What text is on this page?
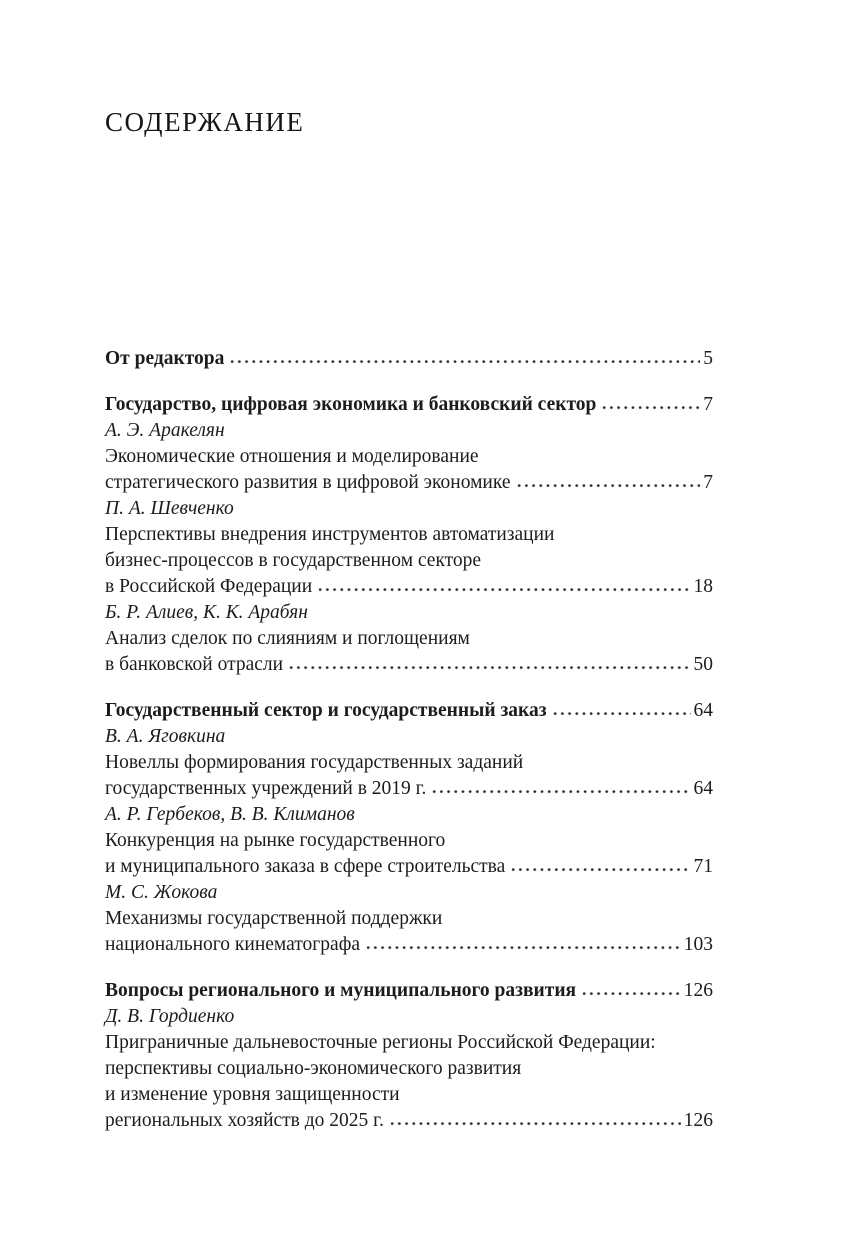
СОДЕРЖАНИЕ
От редактора	5
Государство, цифровая экономика и банковский сектор	7
А. Э. Аракелян
Экономические отношения и моделирование
стратегического развития в цифровой экономике	7
П. А. Шевченко
Перспективы внедрения инструментов автоматизации
бизнес-процессов в государственном секторе
в Российской Федерации	18
Б. Р. Алиев, К. К. Арабян
Анализ сделок по слияниям и поглощениям
в банковской отрасли	50
Государственный сектор и государственный заказ	64
В. А. Яговкина
Новеллы формирования государственных заданий
государственных учреждений в 2019 г.	64
А. Р. Гербеков, В. В. Климанов
Конкуренция на рынке государственного
и муниципального заказа в сфере строительства	71
М. С. Жокова
Механизмы государственной поддержки
национального кинематографа	103
Вопросы регионального и муниципального развития	126
Д. В. Гордиенко
Приграничные дальневосточные регионы Российской Федерации:
перспективы социально-экономического развития
и изменение уровня защищенности
региональных хозяйств до 2025 г.	126
